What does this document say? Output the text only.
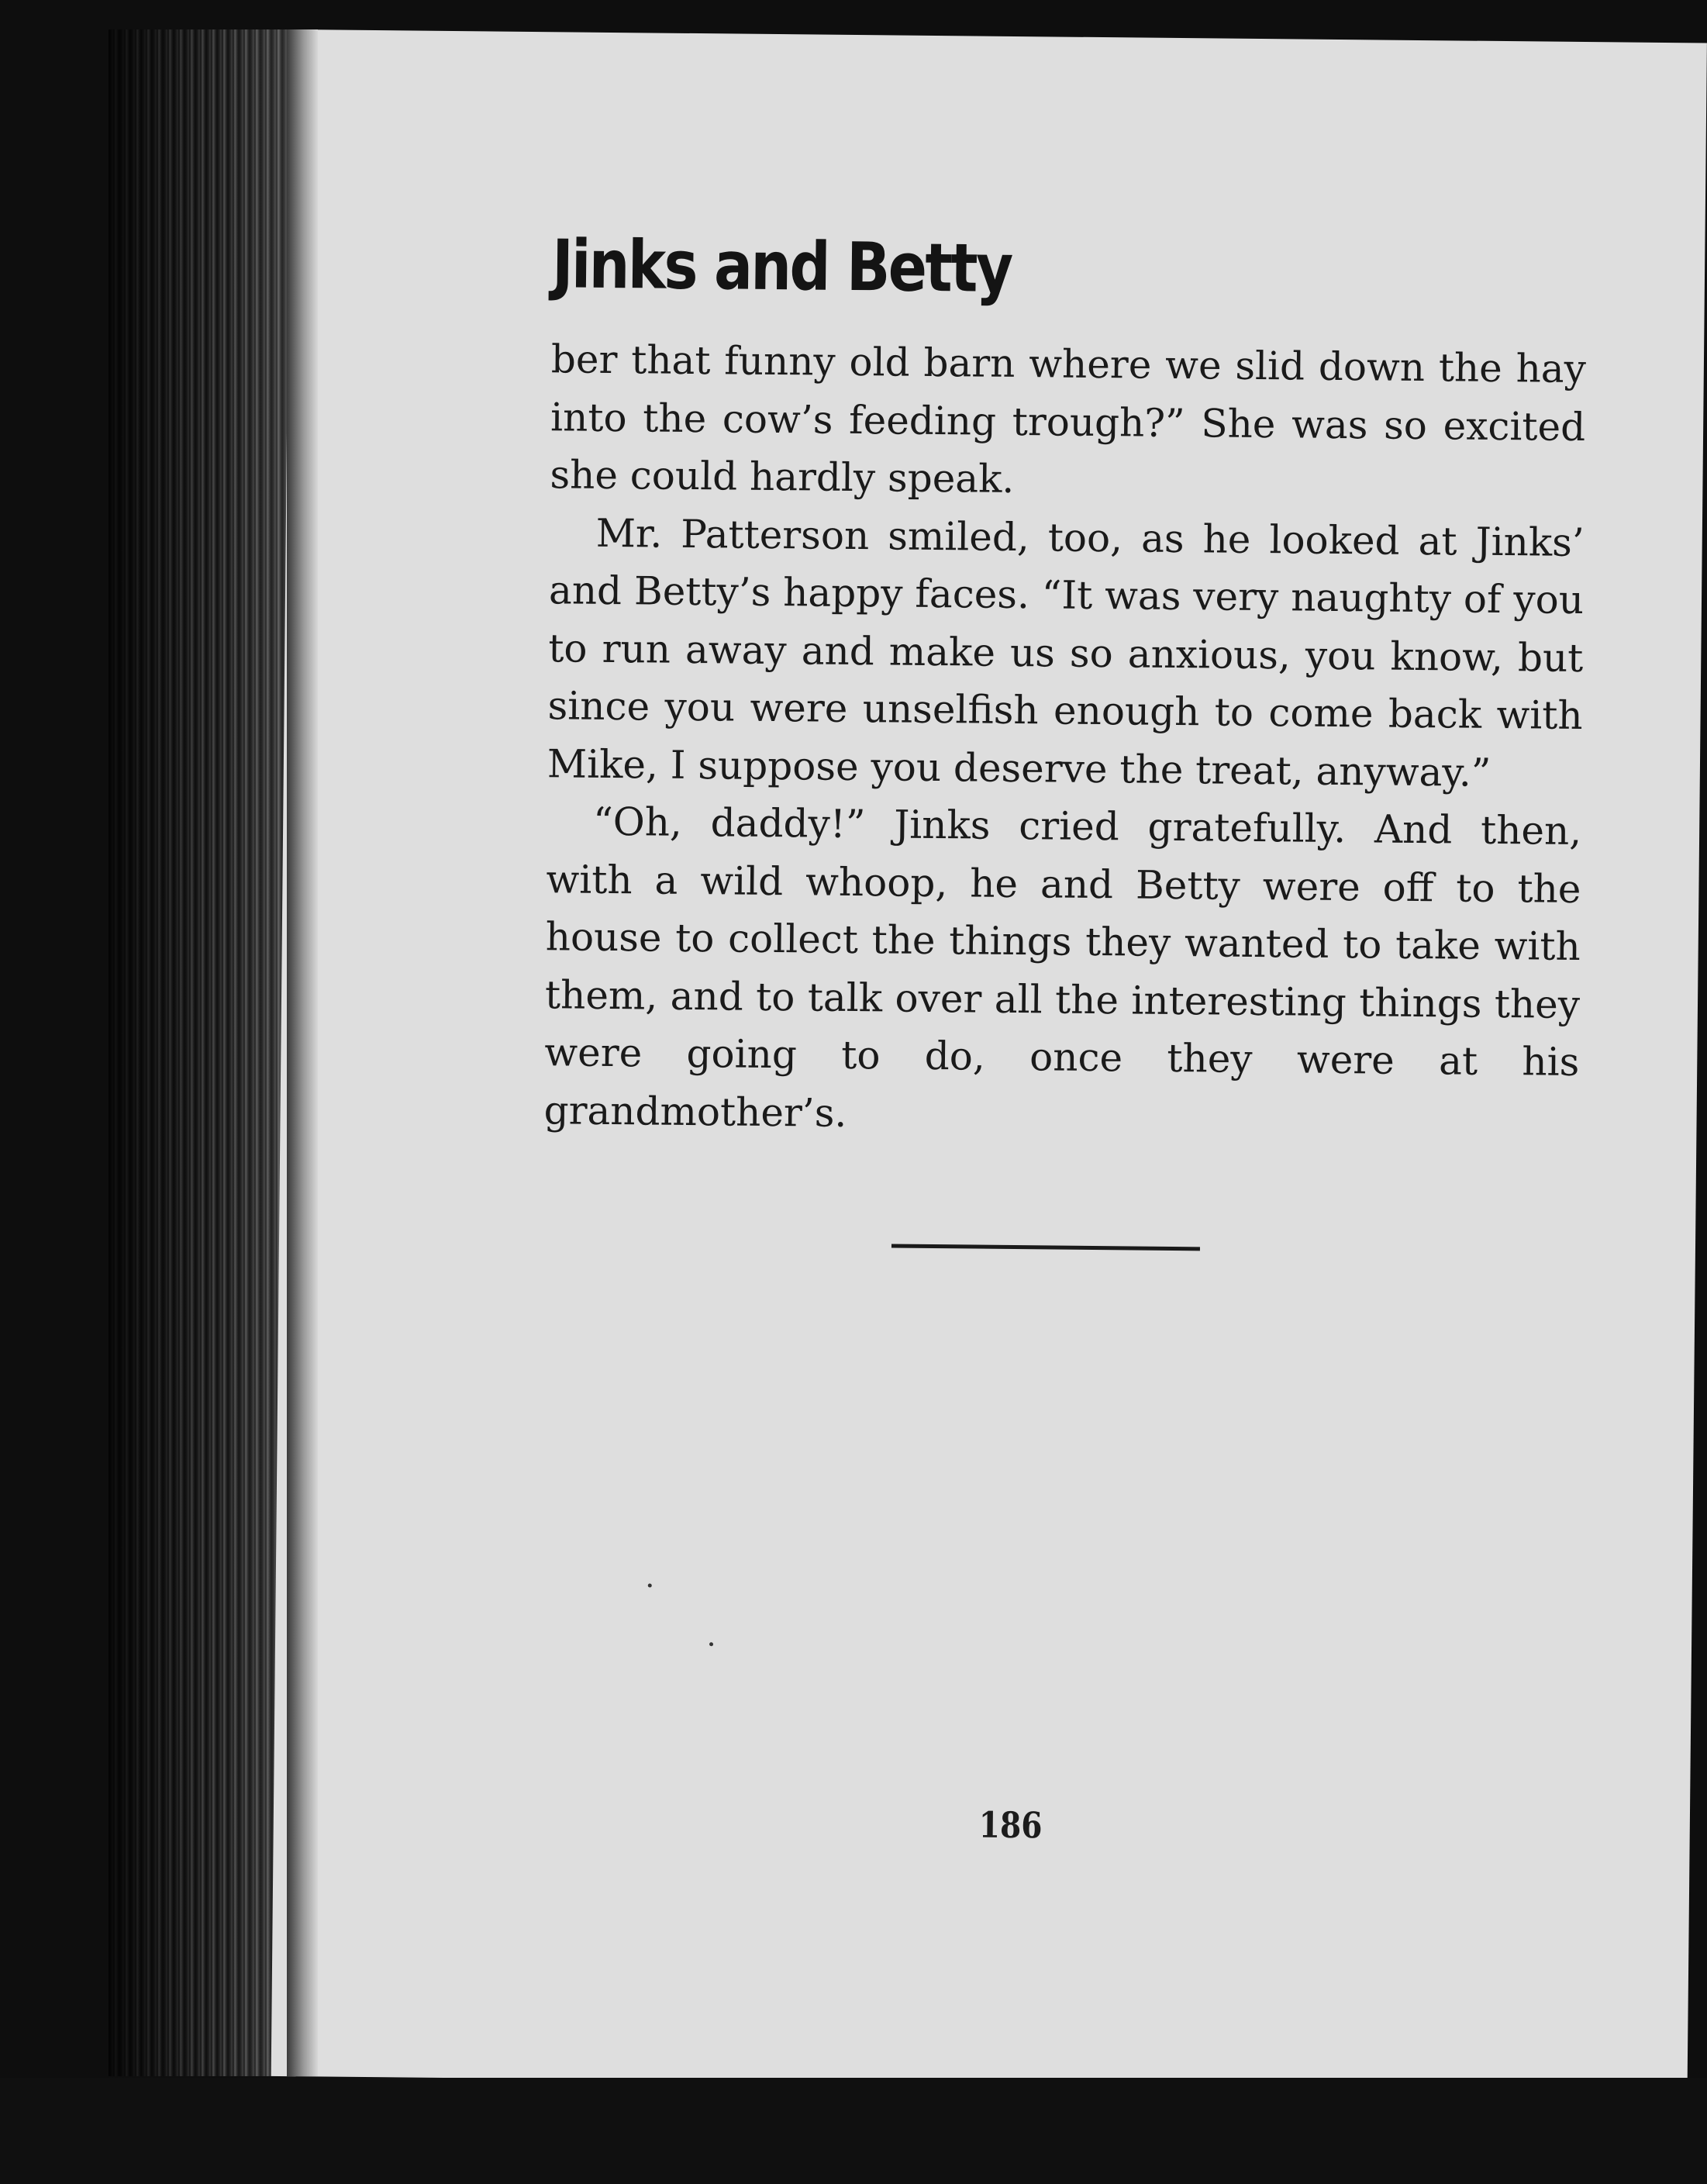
Jinks and Betty

ber that funny old barn where we slid down the hay into the cow’s feeding trough?” She was so excited she could hardly speak.

Mr. Patterson smiled, too, as he looked at Jinks’ and Betty’s happy faces. “It was very naughty of you to run away and make us so anxious, you know, but since you were unselfish enough to come back with Mike, I suppose you deserve the treat, anyway.”

“Oh, daddy!” Jinks cried gratefully. And then, with a wild whoop, he and Betty were off to the house to collect the things they wanted to take with them, and to talk over all the interesting things they were going to do, once they were at his grandmother’s.

186
